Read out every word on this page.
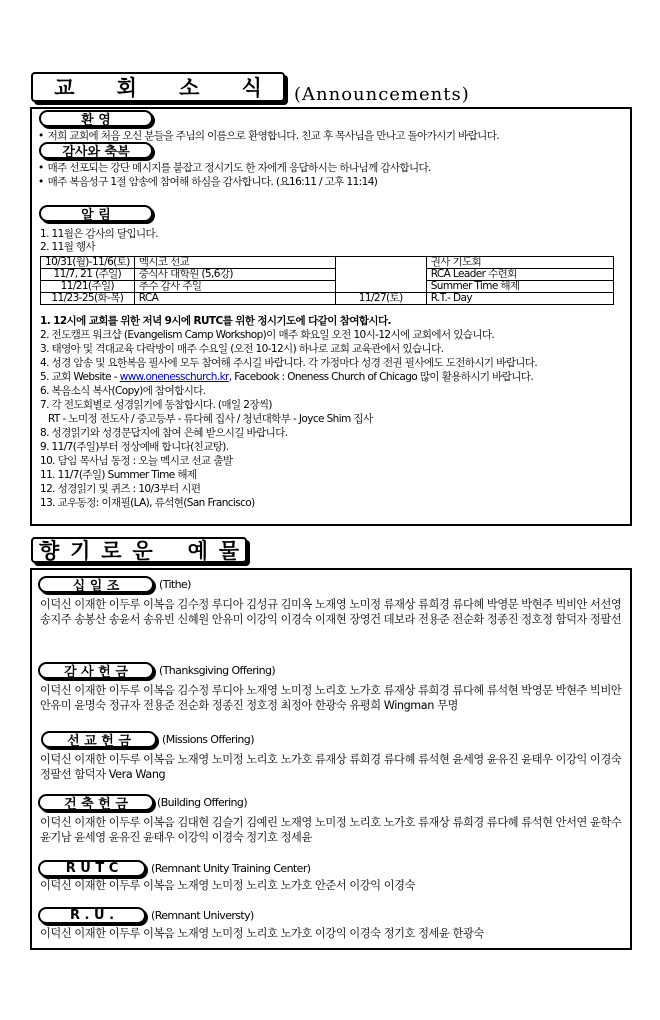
교 회 소 식 (Announcements)
환 영
• 저희 교회에 처음 오신 분들을 주님의 이름으로 환영합니다. 친교 후 목사님을 만나고 돌아가시기 바랍니다.
감사와 축복
• 매주 선포되는 강단 메시지를 붙잡고 정시기도 한 자에게 응답하시는 하나님께 감사합니다.
• 매주 복음성구 1절 암송에 참여해 하심을 감사합니다. (요16:11 / 고후 11:14)
알 림
1. 11월은 감사의 달입니다.
2. 11월 행사
10/31(월)-11/6(토)	멕시코 선교		권사 기도회
11/7, 21 (주일)	중식사 대학원 (5,6강)		RCA Leader 수련회
11/21(주일)	추수 감사 주일		Summer Time 해제
11/23-25(화-목)	RCA	11/27(토)	R.T.- Day
1. 12시에 교회를 위한 저녁 9시에 RUTC를 위한 정시기도에 다같이 참여합시다.
2. 전도캠프 워크샵 (Evangelism Camp Workshop)이 매주 화요일 오전 10시-12시에 교회에서 있습니다.
3. 태영아 및 격대교육 다락방이 매주 수요일 (오전 10-12시) 하나로 교회 교육관에서 있습니다.
4. 성경 암송 및 요한복음 필사에 모두 참여해 주시길 바랍니다. 각 가정마다 성경 전권 필사에도 도전하시기 바랍니다.
5. 교회 Website - www.onenesschurch.kr, Facebook : Oneness Church of Chicago 많이 활용하시기 바랍니다.
6. 복음소식 복사(Copy)에 참여합시다.
7. 각 전도회별로 성경읽기에 동참합시다. (매일 2장씩)
RT - 노미정 전도사 / 중고등부 - 류다혜 집사 / 청년대학부 - Joyce Shim 집사
8. 성경읽기와 성경문답지에 참여 은혜 받으시길 바랍니다.
9. 11/7(주일)부터 정상예배 합니다(친교탕).
10. 담임 목사님 동정 : 오늘 멕시코 선교 출발
11. 11/7(주일) Summer Time 해제
12. 성경읽기 및 퀴즈 : 10/3부터 시편
13. 교우동정: 이재필(LA), 류석현(San Francisco)
향 기 로 운 예 물
십 일 조	(Tithe)
이덕신 이재한 이두루 이복음 김수정 루디아 김성규 김미옥 노재영 노미정 류재상 류희경 류다혜 박영문 박현주 빅비안 서선영 송지주 송봉산 송윤서 송유빈 신혜원 안유미 이강익 이경숙 이재현 장영건 데보라 전용준 전순화 정종진 정호정 함덕자 정팔선
감 사 헌 금	(Thanksgiving Offering)
이덕신 이재한 이두루 이복음 김수정 루디아 노재영 노미정 노리호 노가호 류재상 류희경 류다혜 류석현 박영문 박현주 빅비안 안유미 윤명숙 정규자 전용준 전순화 정종진 정호정 최정아 한광숙 유평희 Wingman 무명
선 교 헌 금	(Missions Offering)
이덕신 이재한 이두루 이복음 노재영 노미정 노리호 노가호 류재상 류희경 류다혜 류석현 윤세영 윤유진 윤태우 이강익 이경숙 정팔선 함덕자 Vera Wang
건 축 헌 금	(Building Offering)
이덕신 이재한 이두루 이복음 김대현 김슬기 김예린 노재영 노미정 노리호 노가호 류재상 류희경 류다혜 류석현 안서연 윤학수 윤기남 윤세영 윤유진 윤태우 이강익 이경숙 정기호 정세윤
R U T C	(Remnant Unity Training Center)
이덕신 이재한 이두루 이복음 노재영 노미정 노리호 노가호 안준서 이강익 이경숙
R . U .	(Remnant Universty)
이덕신 이재한 이두루 이복음 노재영 노미정 노리호 노가호 이강익 이경숙 정기호 정세윤 한광숙
